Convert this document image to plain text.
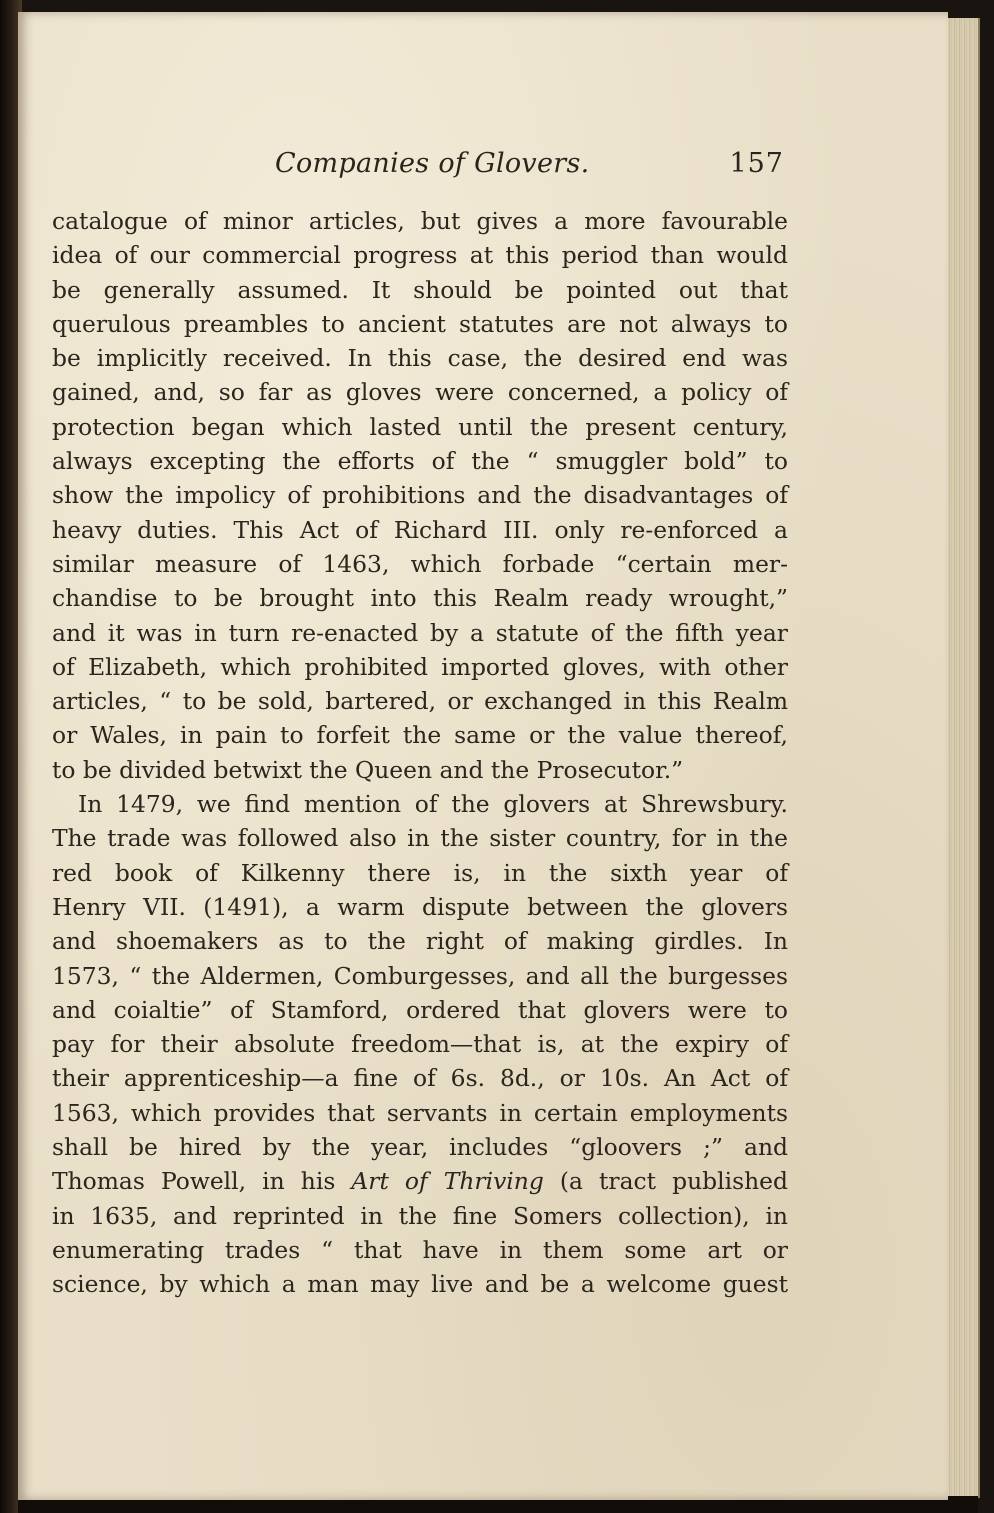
Companies of Glovers.	157
catalogue of minor articles, but gives a more favourable
idea of our commercial progress at this period than would
be generally assumed. It should be pointed out that
querulous preambles to ancient statutes are not always to
be implicitly received. In this case, the desired end was
gained, and, so far as gloves were concerned, a policy of
protection began which lasted until the present century,
always excepting the efforts of the “ smuggler bold” to
show the impolicy of prohibitions and the disadvantages of
heavy duties. This Act of Richard III. only re-enforced a
similar measure of 1463, which forbade “certain mer-
chandise to be brought into this Realm ready wrought,”
and it was in turn re-enacted by a statute of the fifth year
of Elizabeth, which prohibited imported gloves, with other
articles, “ to be sold, bartered, or exchanged in this Realm
or Wales, in pain to forfeit the same or the value thereof,
to be divided betwixt the Queen and the Prosecutor.”
In 1479, we find mention of the glovers at Shrewsbury.
The trade was followed also in the sister country, for in the
red book of Kilkenny there is, in the sixth year of
Henry VII. (1491), a warm dispute between the glovers
and shoemakers as to the right of making girdles. In
1573, “ the Aldermen, Comburgesses, and all the burgesses
and coialtie” of Stamford, ordered that glovers were to
pay for their absolute freedom—that is, at the expiry of
their apprenticeship—a fine of 6s. 8d., or 10s. An Act of
1563, which provides that servants in certain employments
shall be hired by the year, includes “gloovers ;” and
Thomas Powell, in his Art of Thriving (a tract published
in 1635, and reprinted in the fine Somers collection), in
enumerating trades “ that have in them some art or
science, by which a man may live and be a welcome guest
